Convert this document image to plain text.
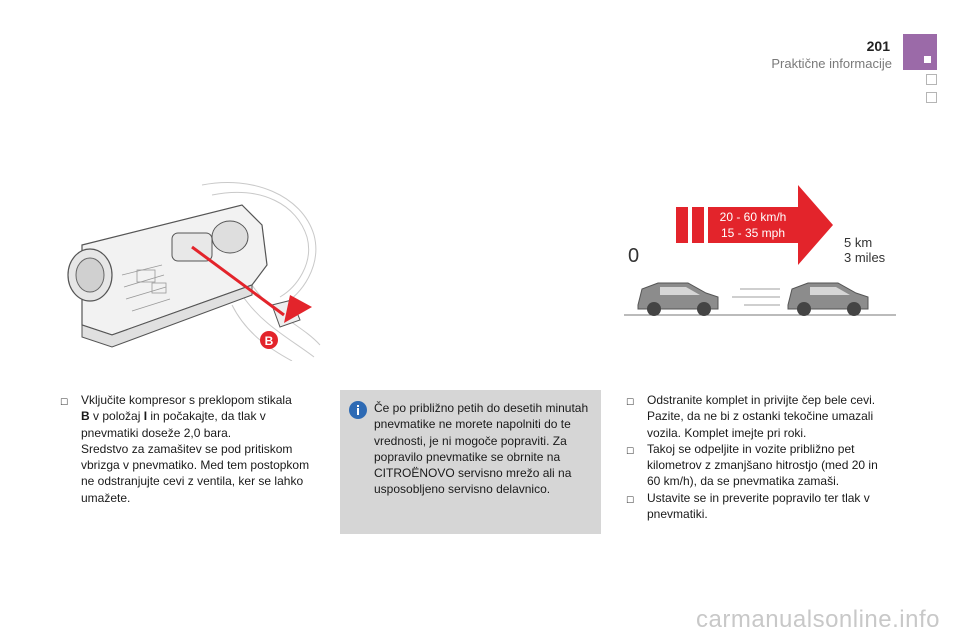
201
Praktične informacije
B
20 - 60 km/h
15 - 35 mph
5 km
3 miles
0
☐ Vključite kompresor s preklopom stikala

B v položaj I in počakajte, da tlak v

pnevmatiki doseže 2,0 bara.

Sredstvo za zamašitev se pod pritiskom

vbrizga v pnevmatiko. Med tem postopkom

ne odstranjujte cevi z ventila, ker se lahko

umažete.

Če po približno petih do desetih minutah pnevmatike ne morete napolniti do te vrednosti, je ni mogoče popraviti. Za popravilo pnevmatike se obrnite na CITROËNOVO servisno mrežo ali na usposobljeno servisno delavnico.
☐ Odstranite komplet in privijte čep bele cevi. Pazite, da ne bi z ostanki tekočine umazali vozila. Komplet imejte pri roki.

☐ Takoj se odpeljite in vozite približno pet kilometrov z zmanjšano hitrostjo (med 20 in 60 km/h), da se pnevmatika zamaši.

☐ Ustavite se in preverite popravilo ter tlak v pnevmatiki.

carmanualsonline.info
